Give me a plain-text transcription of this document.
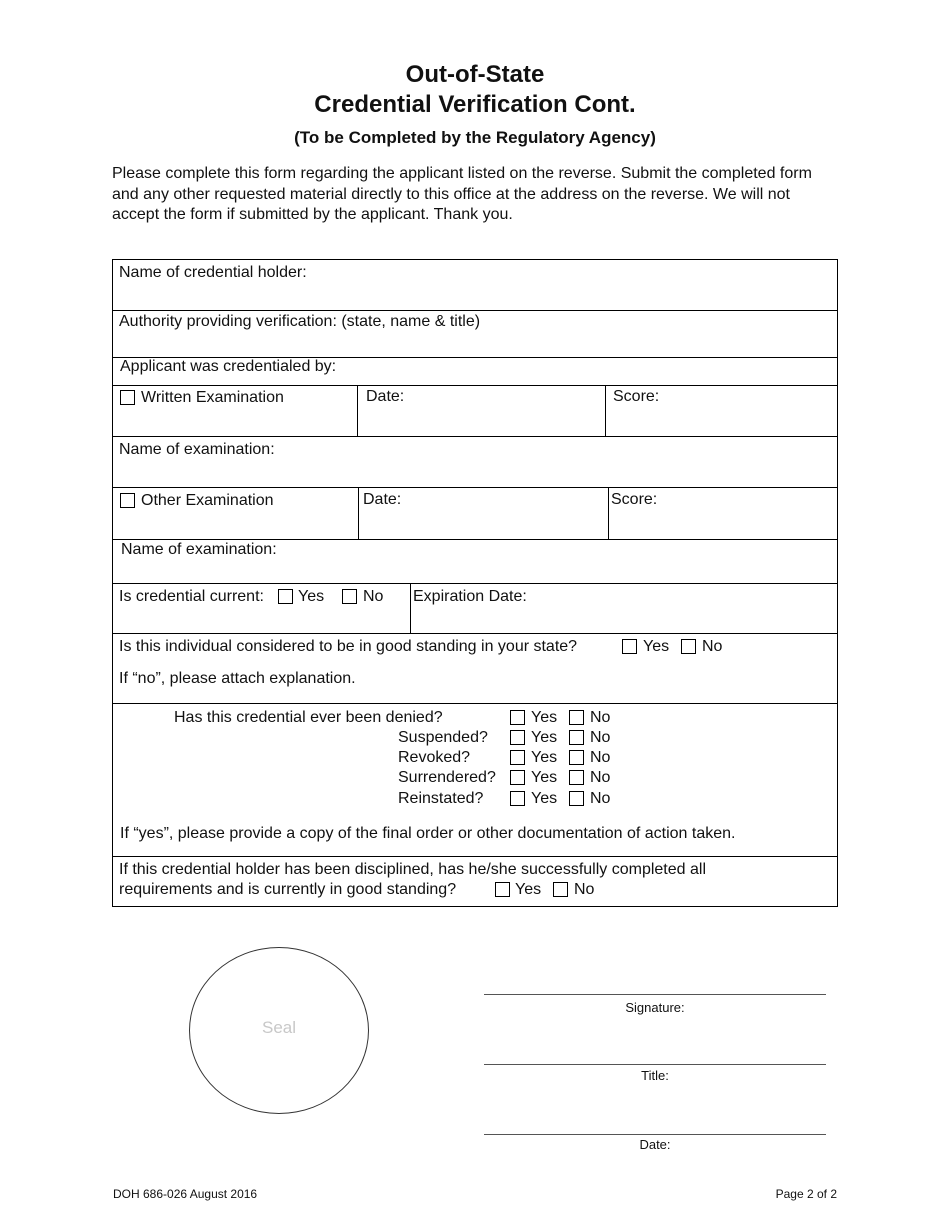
Out-of-State
Credential Verification Cont.
(To be Completed by the Regulatory Agency)
Please complete this form regarding the applicant listed on the reverse. Submit the completed form and any other requested material directly to this office at the address on the reverse. We will not accept the form if submitted by the applicant. Thank you.
Name of credential holder:
Authority providing verification: (state, name & title)
Applicant was credentialed by:
Written Examination	Date:	Score:
Name of examination:
Other Examination	Date:	Score:
Name of examination:
Is credential current: Yes No Expiration Date:
Is this individual considered to be in good standing in your state?	Yes No
If “no”, please attach explanation.
Has this credential ever been denied?	Yes No
Suspended?	Yes No
Revoked?	Yes No
Surrendered? Yes No
Reinstated?	Yes No
If “yes”, please provide a copy of the final order or other documentation of action taken.
If this credential holder has been disciplined, has he/she successfully completed all
requirements and is currently in good standing?	Yes No
Seal
Signature:
Title:
Date:
DOH 686-026 August 2016	Page 2 of 2
